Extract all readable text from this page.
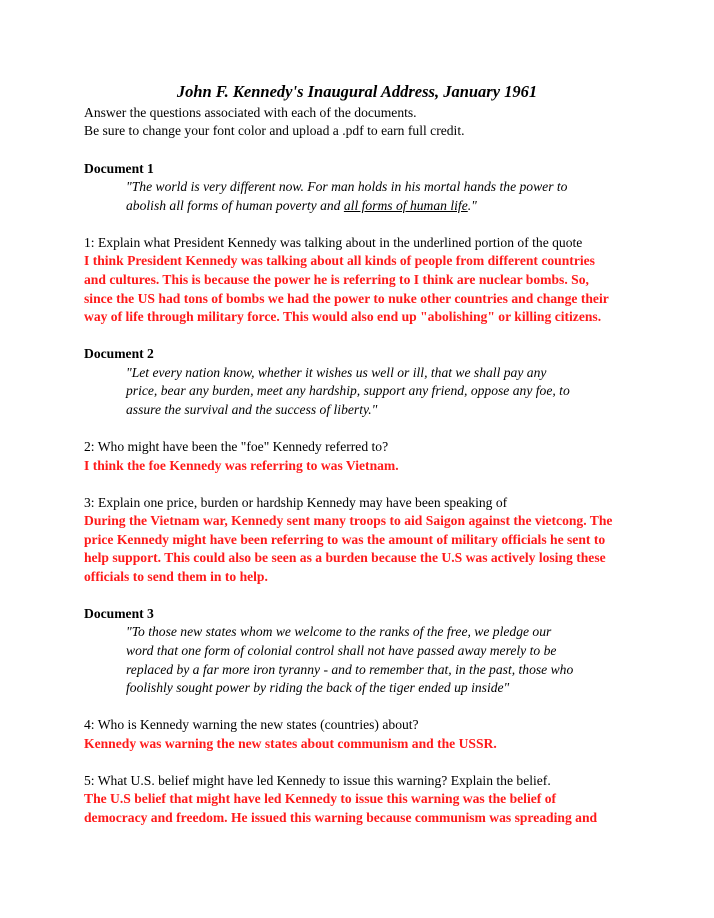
John F. Kennedy's Inaugural Address, January 1961
Answer the questions associated with each of the documents.
Be sure to change your font color and upload a .pdf to earn full credit.
Document 1
"The world is very different now. For man holds in his mortal hands the power to
abolish all forms of human poverty and all forms of human life."
1: Explain what President Kennedy was talking about in the underlined portion of the quote
I think President Kennedy was talking about all kinds of people from different countries
and cultures. This is because the power he is referring to I think are nuclear bombs. So,
since the US had tons of bombs we had the power to nuke other countries and change their
way of life through military force. This would also end up "abolishing" or killing citizens.
Document 2
"Let every nation know, whether it wishes us well or ill, that we shall pay any
price, bear any burden, meet any hardship, support any friend, oppose any foe, to
assure the survival and the success of liberty."
2: Who might have been the "foe" Kennedy referred to?
I think the foe Kennedy was referring to was Vietnam.
3: Explain one price, burden or hardship Kennedy may have been speaking of
During the Vietnam war, Kennedy sent many troops to aid Saigon against the vietcong. The
price Kennedy might have been referring to was the amount of military officials he sent to
help support. This could also be seen as a burden because the U.S was actively losing these
officials to send them in to help.
Document 3
"To those new states whom we welcome to the ranks of the free, we pledge our
word that one form of colonial control shall not have passed away merely to be
replaced by a far more iron tyranny - and to remember that, in the past, those who
foolishly sought power by riding the back of the tiger ended up inside"
4: Who is Kennedy warning the new states (countries) about?
Kennedy was warning the new states about communism and the USSR.
5: What U.S. belief might have led Kennedy to issue this warning? Explain the belief.
The U.S belief that might have led Kennedy to issue this warning was the belief of
democracy and freedom. He issued this warning because communism was spreading and
